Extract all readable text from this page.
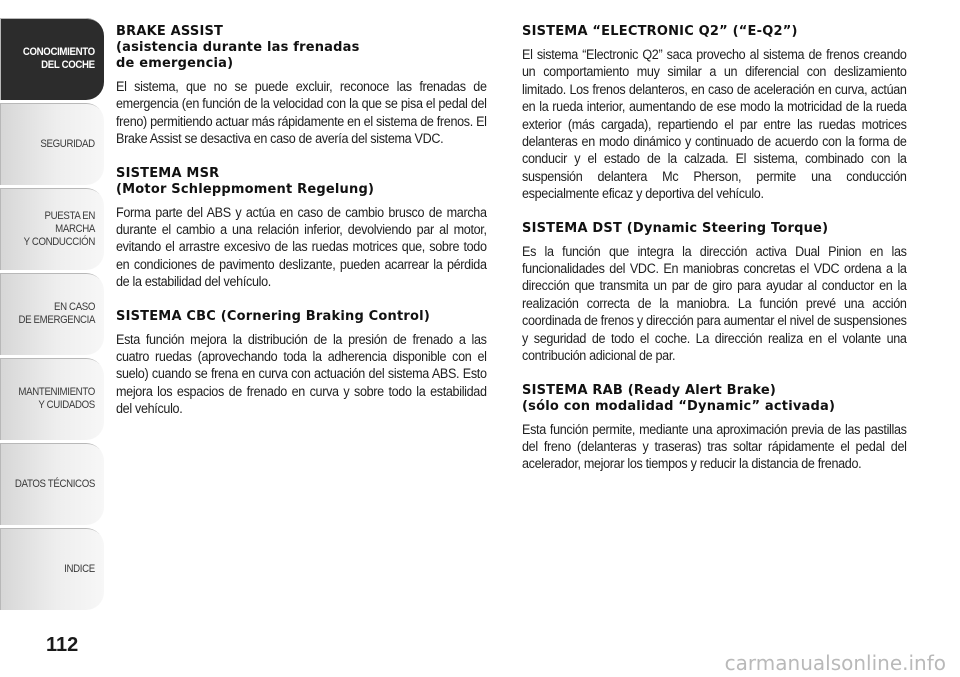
CONOCIMIENTO
DEL COCHE
SEGURIDAD
PUESTA EN MARCHA
Y CONDUCCIÓN
EN CASO
DE EMERGENCIA
MANTENIMIENTO
Y CUIDADOS
DATOS TÉCNICOS
INDICE
112
BRAKE ASSIST
(asistencia durante las frenadas
de emergencia)

El sistema, que no se puede excluir, reconoce las frenadas de emergencia (en función de la velocidad con la que se pisa el pedal del freno) permitiendo actuar más rápidamente en el sistema de frenos. El Brake Assist se desactiva en caso de avería del sistema VDC.

SISTEMA MSR
(Motor Schleppmoment Regelung)

Forma parte del ABS y actúa en caso de cambio brusco de marcha durante el cambio a una relación inferior, devolviendo par al motor, evitando el arrastre excesivo de las ruedas motrices que, sobre todo en condiciones de pavimento deslizante, pueden acarrear la pérdida de la estabilidad del vehículo.

SISTEMA CBC (Cornering Braking Control)

Esta función mejora la distribución de la presión de frenado a las cuatro ruedas (aprovechando toda la adherencia disponible con el suelo) cuando se frena en curva con actuación del sistema ABS. Esto mejora los espacios de frenado en curva y sobre todo la estabilidad del vehículo.

SISTEMA “ELECTRONIC Q2” (“E-Q2”)

El sistema “Electronic Q2” saca provecho al sistema de frenos creando un comportamiento muy similar a un diferencial con deslizamiento limitado. Los frenos delanteros, en caso de aceleración en curva, actúan en la rueda interior, aumentando de ese modo la motricidad de la rueda exterior (más cargada), repartiendo el par entre las ruedas motrices delanteras en modo dinámico y continuado de acuerdo con la forma de conducir y el estado de la calzada. El sistema, combinado con la suspensión delantera Mc Pherson, permite una conducción especialmente eficaz y deportiva del vehículo.

SISTEMA DST (Dynamic Steering Torque)

Es la función que integra la dirección activa Dual Pinion en las funcionalidades del VDC. En maniobras concretas el VDC ordena a la dirección que transmita un par de giro para ayudar al conductor en la realización correcta de la maniobra. La función prevé una acción coordinada de frenos y dirección para aumentar el nivel de suspensiones y seguridad de todo el coche. La dirección realiza en el volante una contribución adicional de par.

SISTEMA RAB (Ready Alert Brake)
(sólo con modalidad “Dynamic” activada)

Esta función permite, mediante una aproximación previa de las pastillas del freno (delanteras y traseras) tras soltar rápidamente el pedal del acelerador, mejorar los tiempos y reducir la distancia de frenado.

carmanualsonline.info
